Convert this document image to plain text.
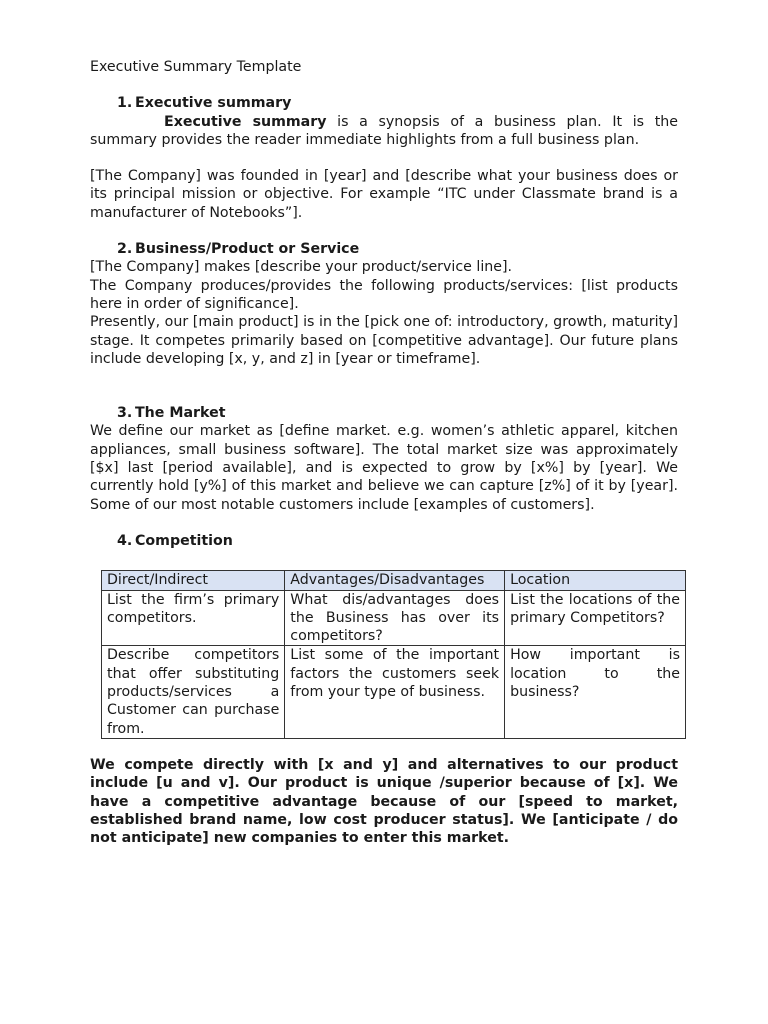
Executive Summary Template
1. Executive summary

Executive summary is a synopsis of a business plan. It is the summary provides the reader immediate highlights from a full business plan.

[The Company] was founded in [year] and [describe what your business does or its principal mission or objective. For example “ITC under Classmate brand is a manufacturer of Notebooks”].

2. Business/Product or Service

[The Company] makes [describe your product/service line].

The Company produces/provides the following products/services: [list products here in order of significance].

Presently, our [main product] is in the [pick one of: introductory, growth, maturity] stage. It competes primarily based on [competitive advantage]. Our future plans include developing [x, y, and z] in [year or timeframe].

3. The Market

We define our market as [define market. e.g. women’s athletic apparel, kitchen appliances, small business software]. The total market size was approximately [$x] last [period available], and is expected to grow by [x%] by [year]. We currently hold [y%] of this market and believe we can capture [z%] of it by [year]. Some of our most notable customers include [examples of customers].

4. Competition
Direct/Indirect	Advantages/Disadvantages	Location
List the firm’s primary competitors.	What dis/advantages does the Business has over its competitors?	List the locations of the primary Competitors?
Describe competitors that offer substituting products/services a Customer can purchase from.	List some of the important factors the customers seek from your type of business.	How important is location to the business?

We compete directly with [x and y] and alternatives to our product include [u and v]. Our product is unique /superior because of [x]. We have a competitive advantage because of our [speed to market, established brand name, low cost producer status]. We [anticipate / do not anticipate] new companies to enter this market.
